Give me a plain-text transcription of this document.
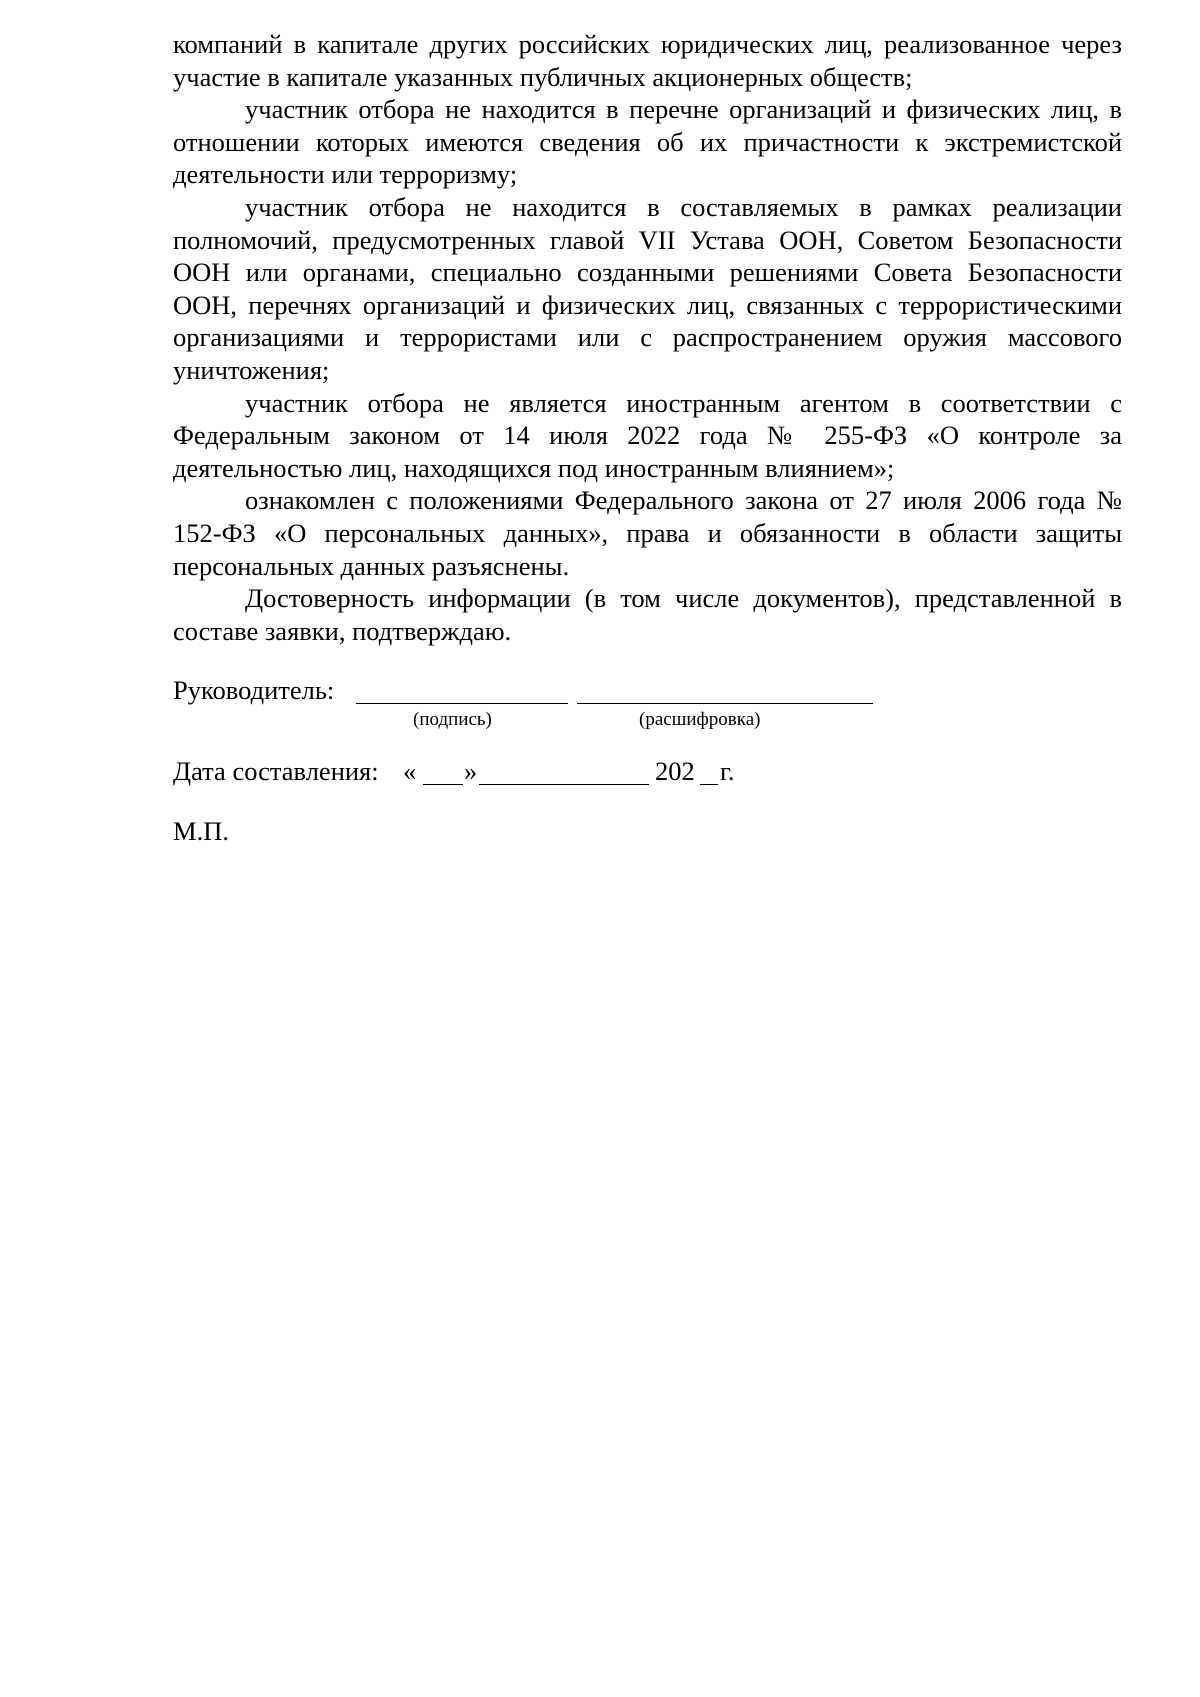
компаний в капитале других российских юридических лиц, реализованное через участие в капитале указанных публичных акционерных обществ;

участник отбора не находится в перечне организаций и физических лиц, в отношении которых имеются сведения об их причастности к экстремистской деятельности или терроризму;

участник отбора не находится в составляемых в рамках реализации полномочий, предусмотренных главой VII Устава ООН, Советом Безопасности ООН или органами, специально созданными решениями Совета Безопасности ООН, перечнях организаций и физических лиц, связанных с террористическими организациями и террористами или с распространением оружия массового уничтожения;

участник отбора не является иностранным агентом в соответствии с Федеральным законом от 14 июля 2022 года № 255-ФЗ «О контроле за деятельностью лиц, находящихся под иностранным влиянием»;

ознакомлен с положениями Федерального закона от 27 июля 2006 года № 152-ФЗ «О персональных данных», права и обязанности в области защиты персональных данных разъяснены.

Достоверность информации (в том числе документов), представленной в составе заявки, подтверждаю.

Руководитель:
(подпись)	(расшифровка)
Дата составления: « »	202 г.
М.П.
